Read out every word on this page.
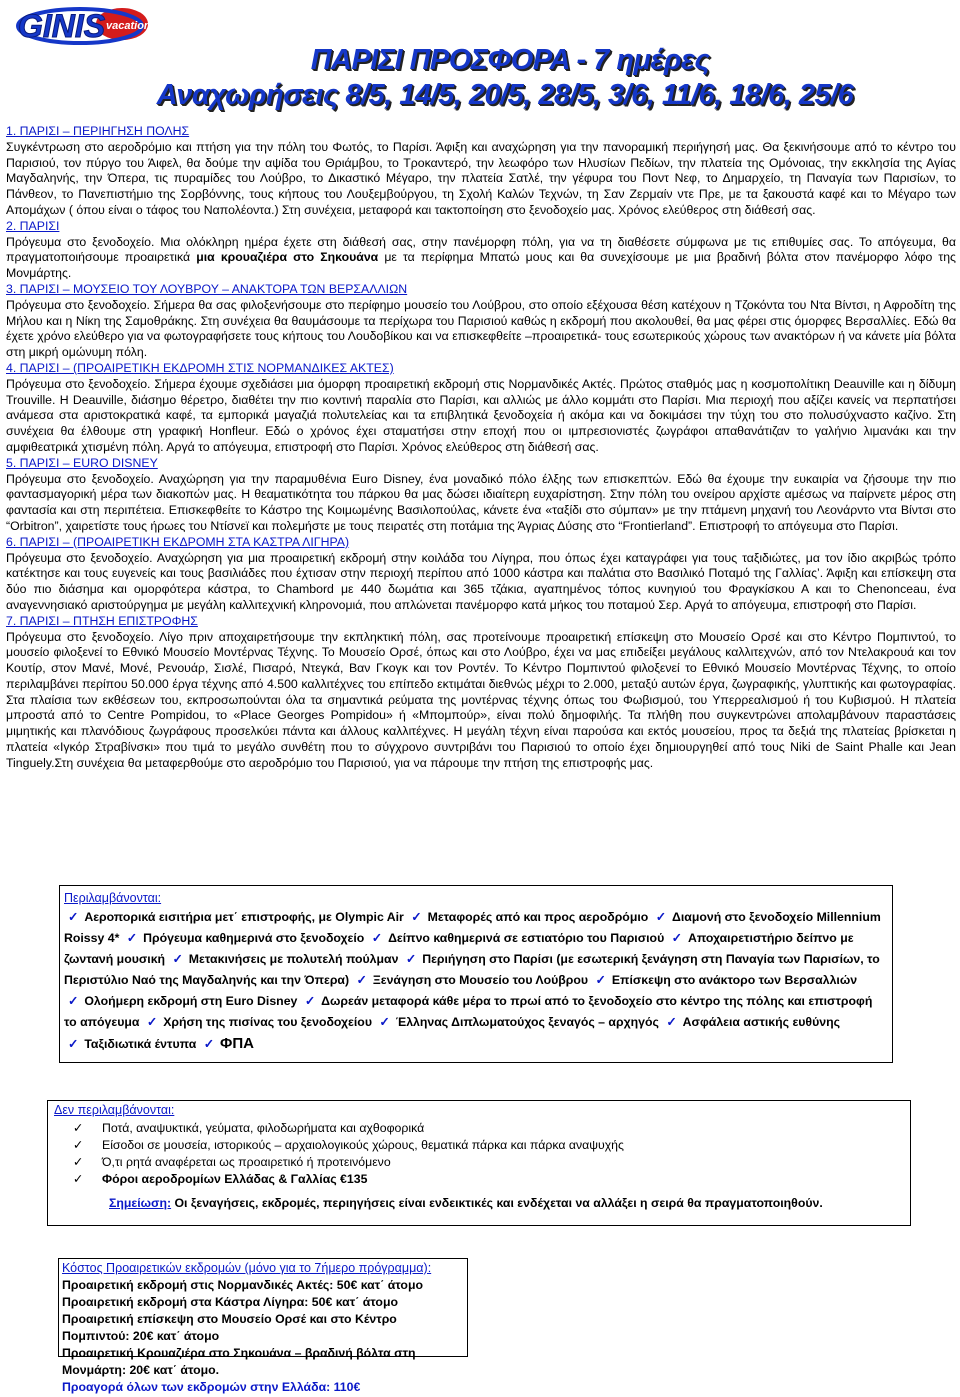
GINIS vacation
ΠΑΡΙΣΙ ΠΡΟΣΦΟΡΑ - 7 ημέρες
Αναχωρήσεις 8/5, 14/5, 20/5, 28/5, 3/6, 11/6, 18/6, 25/6
1. ΠΑΡΙΣΙ – ΠΕΡΙΗΓΗΣΗ ΠΟΛΗΣ

Συγκέντρωση στο αεροδρόμιο και πτήση για την πόλη του Φωτός, το Παρίσι. Άφιξη και αναχώρηση για την πανοραμική περιήγησή μας. Θα ξεκινήσουμε από το κέντρο του Παρισιού, τον πύργο του Άιφελ, θα δούμε την αψίδα του Θριάμβου, το Τροκαντερό, την λεωφόρο των Ηλυσίων Πεδίων, την πλατεία της Ομόνοιας, την εκκλησία της Αγίας Μαγδαληνής, την Όπερα, τις πυραμίδες του Λούβρο, το Δικαστικό Μέγαρο, την πλατεία Σατλέ, την γέφυρα του Ποντ Νεφ, το Δημαρχείο, τη Παναγία των Παρισίων, το Πάνθεον, το Πανεπιστήμιο της Σορβόννης, τους κήπους του Λουξεμβούργου, τη Σχολή Καλών Τεχνών, τη Σαν Ζερμαίν ντε Πρε, με τα ξακουστά καφέ και το Μέγαρο των Απομάχων ( όπου είναι ο τάφος του Ναπολέοντα.) Στη συνέχεια, μεταφορά και τακτοποίηση στο ξενοδοχείο μας. Χρόνος ελεύθερος στη διάθεσή σας.

2. ΠΑΡΙΣΙ

Πρόγευμα στο ξενοδοχείο. Μια ολόκληρη ημέρα έχετε στη διάθεσή σας, στην πανέμορφη πόλη, για να τη διαθέσετε σύμφωνα με τις επιθυμίες σας. Το απόγευμα, θα πραγματοποιήσουμε προαιρετικά μια κρουαζιέρα στο Σηκουάνα με τα περίφημα Μπατώ μους και θα συνεχίσουμε με μια βραδινή βόλτα στον πανέμορφο λόφο της Μονμάρτης.

3. ΠΑΡΙΣΙ – ΜΟΥΣΕΙΟ ΤΟΥ ΛΟΥΒΡΟΥ – ΑΝΑΚΤΟΡΑ ΤΩΝ ΒΕΡΣΑΛΛΙΩΝ

Πρόγευμα στο ξενοδοχείο. Σήμερα θα σας φιλοξενήσουμε στο περίφημο μουσείο του Λούβρου, στο οποίο εξέχουσα θέση κατέχουν η Τζοκόντα του Ντα Βίντσι, η Αφροδίτη της Μήλου και η Νίκη της Σαμοθράκης. Στη συνέχεια θα θαυμάσουμε τα περίχωρα του Παρισιού καθώς η εκδρομή που ακολουθεί, θα μας φέρει στις όμορφες Βερσαλλίες. Εδώ θα έχετε χρόνο ελεύθερο για να φωτογραφήσετε τους κήπους του Λουδοβίκου και να επισκεφθείτε –προαιρετικά- τους εσωτερικούς χώρους των ανακτόρων ή να κάνετε μία βόλτα στη μικρή ομώνυμη πόλη.

4. ΠΑΡΙΣΙ – (ΠΡΟΑΙΡΕΤΙΚΗ ΕΚΔΡΟΜΗ ΣΤΙΣ ΝΟΡΜΑΝΔΙΚΕΣ ΑΚΤΕΣ)

Πρόγευμα στο ξενοδοχείο. Σήμερα έχουμε σχεδιάσει μια όμορφη προαιρετική εκδρομή στις Νορμανδικές Ακτές. Πρώτος σταθμός μας η κοσμοπολίτικη Deauville και η δίδυμη Trouville. Η Deauville, διάσημο θέρετρο, διαθέτει την πιο κοντινή παραλία στο Παρίσι, και αλλιώς με άλλο κομμάτι στο Παρίσι. Μια περιοχή που αξίζει κανείς να περπατήσει ανάμεσα στα αριστοκρατικά καφέ, τα εμπορικά μαγαζιά πολυτελείας και τα επιβλητικά ξενοδοχεία ή ακόμα και να δοκιμάσει την τύχη του στο πολυσύχναστο καζίνο. Στη συνέχεια θα έλθουμε στη γραφική Honfleur. Εδώ ο χρόνος έχει σταματήσει στην εποχή που οι ιμπρεσιονιστές ζωγράφοι απαθανάτιζαν το γαλήνιο λιμανάκι και την αμφιθεατρικά χτισμένη πόλη. Αργά το απόγευμα, επιστροφή στο Παρίσι. Χρόνος ελεύθερος στη διάθεσή σας.

5. ΠΑΡΙΣΙ – EURO DISNEY

Πρόγευμα στο ξενοδοχείο. Αναχώρηση για την παραμυθένια Euro Disney, ένα μοναδικό πόλο έλξης των επισκεπτών. Εδώ θα έχουμε την ευκαιρία να ζήσουμε την πιο φαντασμαγορική μέρα των διακοπών μας. Η θεαματικότητα του πάρκου θα μας δώσει ιδιαίτερη ευχαρίστηση. Στην πόλη του ονείρου αρχίστε αμέσως να παίρνετε μέρος στη φαντασία και στη περιπέτεια. Επισκεφθείτε το Κάστρο της Κοιμωμένης Βασιλοπούλας, κάνετε ένα «ταξίδι στο σύμπαν» με την πτάμενη μηχανή του Λεονάρντο ντα Βίντσι στο “Orbitron”, χαιρετίστε τους ήρωες του Ντίσνεϊ και πολεμήστε με τους πειρατές στη ποτάμια της Άγριας Δύσης στο “Frontierland”. Επιστροφή το απόγευμα στο Παρίσι.

6. ΠΑΡΙΣΙ – (ΠΡΟΑΙΡΕΤΙΚΗ ΕΚΔΡΟΜΗ ΣΤΑ ΚΑΣΤΡΑ ΛΙΓΗΡΑ)

Πρόγευμα στο ξενοδοχείο. Αναχώρηση για μια προαιρετική εκδρομή στην κοιλάδα του Λίγηρα, που όπως έχει καταγράφει για τους ταξιδιώτες, μα τον ίδιο ακριβώς τρόπο κατέκτησε και τους ευγενείς και τους βασιλιάδες που έχτισαν στην περιοχή περίπου από 1000 κάστρα και παλάτια στο Βασιλικό Ποταμό της Γαλλίας’. Άφιξη και επίσκεψη στα δύο πιο διάσημα και ομορφότερα κάστρα, το Chambord με 440 δωμάτια και 365 τζάκια, αγαπημένος τόπος κυνηγιού του Φραγκίσκου Α και το Chenonceau, ένα αναγεννησιακό αριστούργημα με μεγάλη καλλιτεχνική κληρονομιά, που απλώνεται πανέμορφο κατά μήκος του ποταμού Σερ. Αργά το απόγευμα, επιστροφή στο Παρίσι.

7. ΠΑΡΙΣΙ – ΠΤΗΣΗ ΕΠΙΣΤΡΟΦΗΣ

Πρόγευμα στο ξενοδοχείο. Λίγο πριν αποχαιρετήσουμε την εκπληκτική πόλη, σας προτείνουμε προαιρετική επίσκεψη στο Μουσείο Ορσέ και στο Κέντρο Πομπιντού, το μουσείο φιλοξενεί το Εθνικό Μουσείο Μοντέρνας Τέχνης. Το Μουσείο Ορσέ, όπως και στο Λούβρο, έχει να μας επιδείξει μεγάλους καλλιτεχνών, από τον Ντελακρουά και τον Κουτίρ, στον Μανέ, Μονέ, Ρενουάρ, Σισλέ, Πισαρό, Ντεγκά, Βαν Γκογκ και τον Ροντέν. Το Κέντρο Πομπιντού φιλοξενεί το Εθνικό Μουσείο Μοντέρνας Τέχνης, το οποίο περιλαμβάνει περίπου 50.000 έργα τέχνης από 4.500 καλλιτέχνες του επίπεδο εκτιμάται διεθνώς μέχρι το 2.000, μεταξύ αυτών έργα, ζωγραφικής, γλυπτικής και φωτογραφίας. Στα πλαίσια των εκθέσεων του, εκπροσωπούνται όλα τα σημαντικά ρεύματα της μοντέρνας τέχνης όπως του Φωβισμού, του Υπερρεαλισμού ή του Κυβισμού. Η πλατεία μπροστά από το Centre Pompidou, το «Place Georges Pompidou» ή «Μπομπούρ», είναι πολύ δημοφιλής. Τα πλήθη που συγκεντρώνει απολαμβάνουν παραστάσεις μιμητικής και πλανόδιους ζωγράφους προσελκύει πάντα και άλλους καλλιτέχνες. Η μεγάλη τέχνη είναι παρούσα και εκτός μουσείου, προς τα δεξιά της πλατείας βρίσκεται η πλατεία «Ιγκόρ Στραβίνσκι» που τιμά το μεγάλο συνθέτη που το σύγχρονο συντριβάνι του Παρισιού το οποίο έχει δημιουργηθεί από τους Niki de Saint Phalle και Jean Tinguely.Στη συνέχεια θα μεταφερθούμε στο αεροδρόμιο του Παρισιού, για να πάρουμε την πτήση της επιστροφής μας.

Περιλαμβάνονται:
✓ Αεροπορικά εισιτήρια μετ΄ επιστροφής, με Olympic Air ✓ Μεταφορές από και προς αεροδρόμιο ✓ Διαμονή στο ξενοδοχείο Millennium Roissy 4* ✓ Πρόγευμα καθημερινά στο ξενοδοχείο ✓ Δείπνο καθημερινά σε εστιατόριο του Παρισιού ✓ Αποχαιρετιστήριο δείπνο με ζωντανή μουσική ✓ Μετακινήσεις με πολυτελή πούλμαν ✓ Περιήγηση στο Παρίσι (με εσωτερική ξενάγηση στη Παναγία των Παρισίων, το Περιστύλιο Ναό της Μαγδαληνής και την Όπερα) ✓ Ξενάγηση στο Μουσείο του Λούβρου ✓ Επίσκεψη στο ανάκτορο των Βερσαλλιών ✓ Ολοήμερη εκδρομή στη Euro Disney ✓ Δωρεάν μεταφορά κάθε μέρα το πρωί από το ξενοδοχείο στο κέντρο της πόλης και επιστροφή το απόγευμα ✓ Χρήση της πισίνας του ξενοδοχείου ✓ Έλληνας Διπλωματούχος ξεναγός – αρχηγός ✓ Ασφάλεια αστικής ευθύνης ✓ Ταξιδιωτικά έντυπα ✓ ΦΠΑ
Δεν περιλαμβάνονται:
✓ Ποτά, αναψυκτικά, γεύματα, φιλοδωρήματα και αχθοφορικά
✓ Είσοδοι σε μουσεία, ιστορικούς – αρχαιολογικούς χώρους, θεματικά πάρκα και πάρκα αναψυχής
✓ Ό,τι ρητά αναφέρεται ως προαιρετικό ή προτεινόμενο
✓ Φόροι αεροδρομίων Ελλάδας & Γαλλίας €135
Σημείωση: Οι ξεναγήσεις, εκδρομές, περιηγήσεις είναι ενδεικτικές και ενδέχεται να αλλάξει η σειρά θα πραγματοποιηθούν.
Κόστος Προαιρετικών εκδρομών (μόνο για το 7ήμερο πρόγραμμα):
Προαιρετική εκδρομή στις Νορμανδικές Ακτές: 50€ κατ΄ άτομο
Προαιρετική εκδρομή στα Κάστρα Λίγηρα: 50€ κατ΄ άτομο
Προαιρετική επίσκεψη στο Μουσείο Ορσέ και στο Κέντρο Πομπιντού: 20€ κατ΄ άτομο
Προαιρετική Κρουαζιέρα στο Σηκουάνα – βραδινή βόλτα στη Μονμάρτη: 20€ κατ΄ άτομο.
Προαγορά όλων των εκδρομών στην Ελλάδα: 110€
